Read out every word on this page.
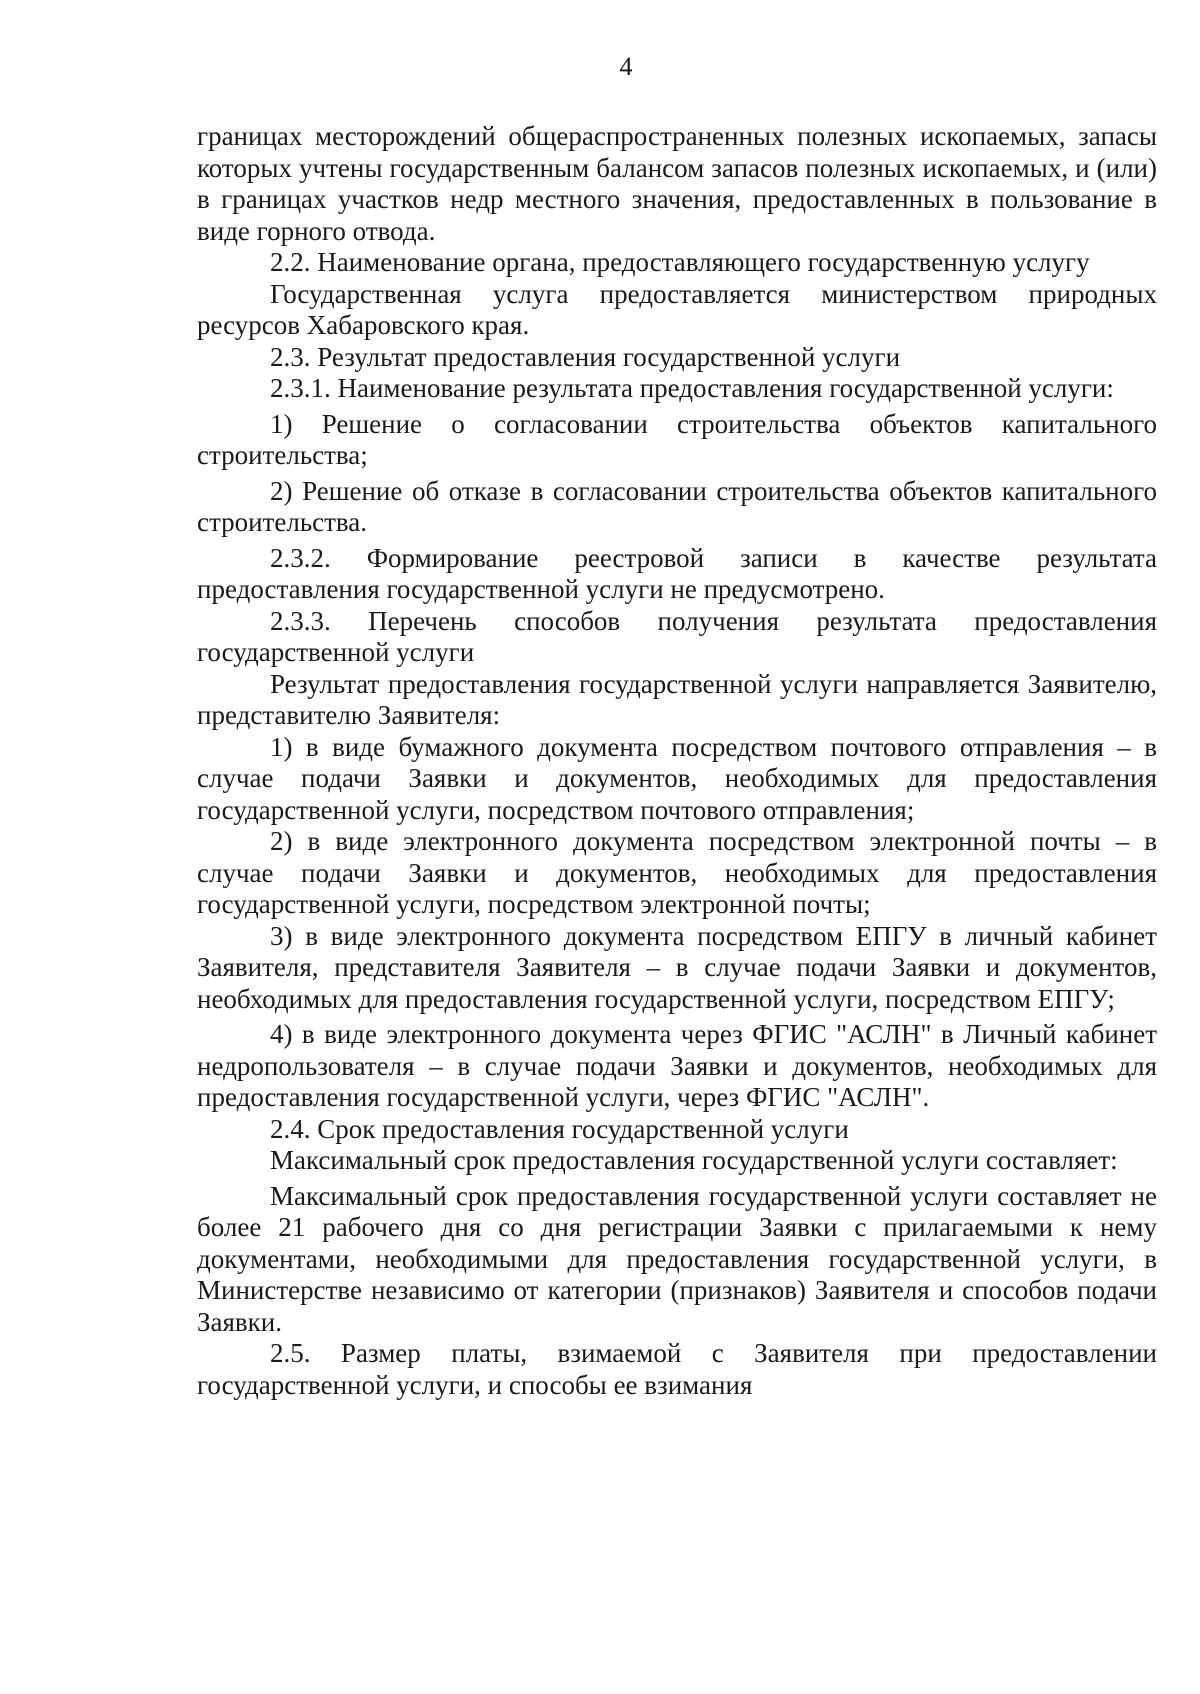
4

границах месторождений общераспространенных полезных ископаемых, запасы которых учтены государственным балансом запасов полезных ископаемых, и (или) в границах участков недр местного значения, предоставленных в пользование в виде горного отвода.

2.2. Наименование органа, предоставляющего государственную услугу

Государственная услуга предоставляется министерством природных ресурсов Хабаровского края.

2.3. Результат предоставления государственной услуги

2.3.1. Наименование результата предоставления государственной услуги:

1) Решение о согласовании строительства объектов капитального строительства;

2) Решение об отказе в согласовании строительства объектов капитального строительства.

2.3.2. Формирование реестровой записи в качестве результата предоставления государственной услуги не предусмотрено.

2.3.3. Перечень способов получения результата предоставления государственной услуги

Результат предоставления государственной услуги направляется Заявителю, представителю Заявителя:

1) в виде бумажного документа посредством почтового отправления – в случае подачи Заявки и документов, необходимых для предоставления государственной услуги, посредством почтового отправления;

2) в виде электронного документа посредством электронной почты – в случае подачи Заявки и документов, необходимых для предоставления государственной услуги, посредством электронной почты;

3) в виде электронного документа посредством ЕПГУ в личный кабинет Заявителя, представителя Заявителя – в случае подачи Заявки и документов, необходимых для предоставления государственной услуги, посредством ЕПГУ;

4) в виде электронного документа через ФГИС "АСЛН" в Личный кабинет недропользователя – в случае подачи Заявки и документов, необходимых для предоставления государственной услуги, через ФГИС "АСЛН".

2.4. Срок предоставления государственной услуги

Максимальный срок предоставления государственной услуги составляет:

Максимальный срок предоставления государственной услуги составляет не более 21 рабочего дня со дня регистрации Заявки с прилагаемыми к нему документами, необходимыми для предоставления государственной услуги, в Министерстве независимо от категории (признаков) Заявителя и способов подачи Заявки.

2.5. Размер платы, взимаемой с Заявителя при предоставлении государственной услуги, и способы ее взимания
